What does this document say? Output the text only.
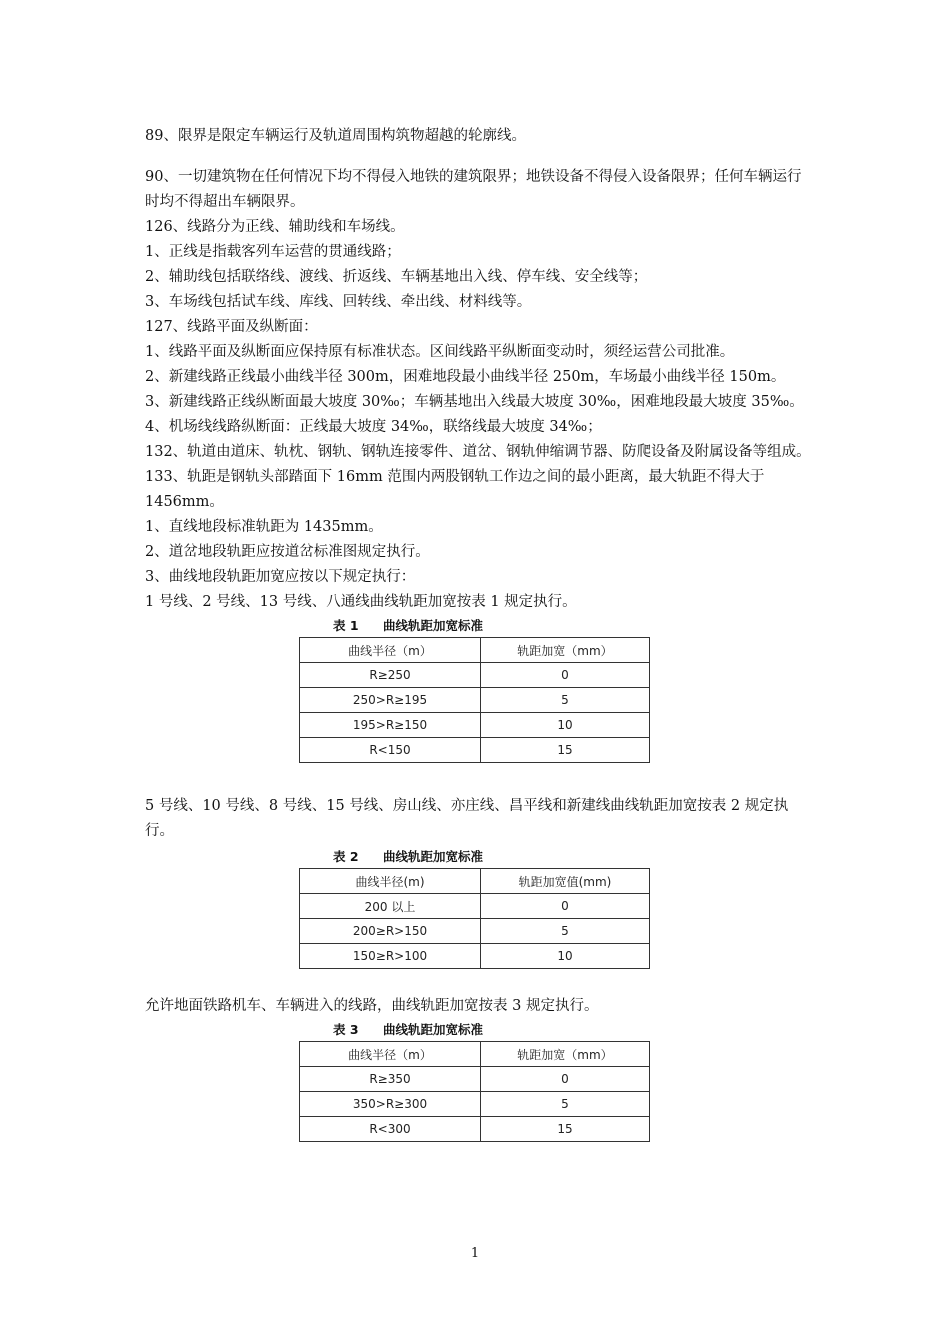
89、限界是限定车辆运行及轨道周围构筑物超越的轮廓线。

90、一切建筑物在任何情况下均不得侵入地铁的建筑限界；地铁设备不得侵入设备限界；任何车辆运行时均不得超出车辆限界。

126、线路分为正线、辅助线和车场线。

1、正线是指载客列车运营的贯通线路；

2、辅助线包括联络线、渡线、折返线、车辆基地出入线、停车线、安全线等；

3、车场线包括试车线、库线、回转线、牵出线、材料线等。

127、线路平面及纵断面：

1、线路平面及纵断面应保持原有标准状态。区间线路平纵断面变动时，须经运营公司批准。

2、新建线路正线最小曲线半径 300m，困难地段最小曲线半径 250m，车场最小曲线半径 150m。

3、新建线路正线纵断面最大坡度 30‰；车辆基地出入线最大坡度 30‰，困难地段最大坡度 35‰。

4、机场线线路纵断面：正线最大坡度 34‰，联络线最大坡度 34‰；

132、轨道由道床、轨枕、钢轨、钢轨连接零件、道岔、钢轨伸缩调节器、防爬设备及附属设备等组成。

133、轨距是钢轨头部踏面下 16mm 范围内两股钢轨工作边之间的最小距离，最大轨距不得大于 1456mm。

1、直线地段标准轨距为 1435mm。

2、道岔地段轨距应按道岔标准图规定执行。

3、曲线地段轨距加宽应按以下规定执行：

1 号线、2 号线、13 号线、八通线曲线轨距加宽按表 1 规定执行。

表 1 曲线轨距加宽标准
曲线半径（m）	轨距加宽（mm）
R≥250	0
250>R≥195	5
195>R≥150	10
R<150	15

5 号线、10 号线、8 号线、15 号线、房山线、亦庄线、昌平线和新建线曲线轨距加宽按表 2 规定执行。

表 2 曲线轨距加宽标准
曲线半径(m)	轨距加宽值(mm)
200 以上	0
200≥R>150	5
150≥R>100	10

允许地面铁路机车、车辆进入的线路，曲线轨距加宽按表 3 规定执行。

表 3 曲线轨距加宽标准
曲线半径（m）	轨距加宽（mm）
R≥350	0
350>R≥300	5
R<300	15
1
